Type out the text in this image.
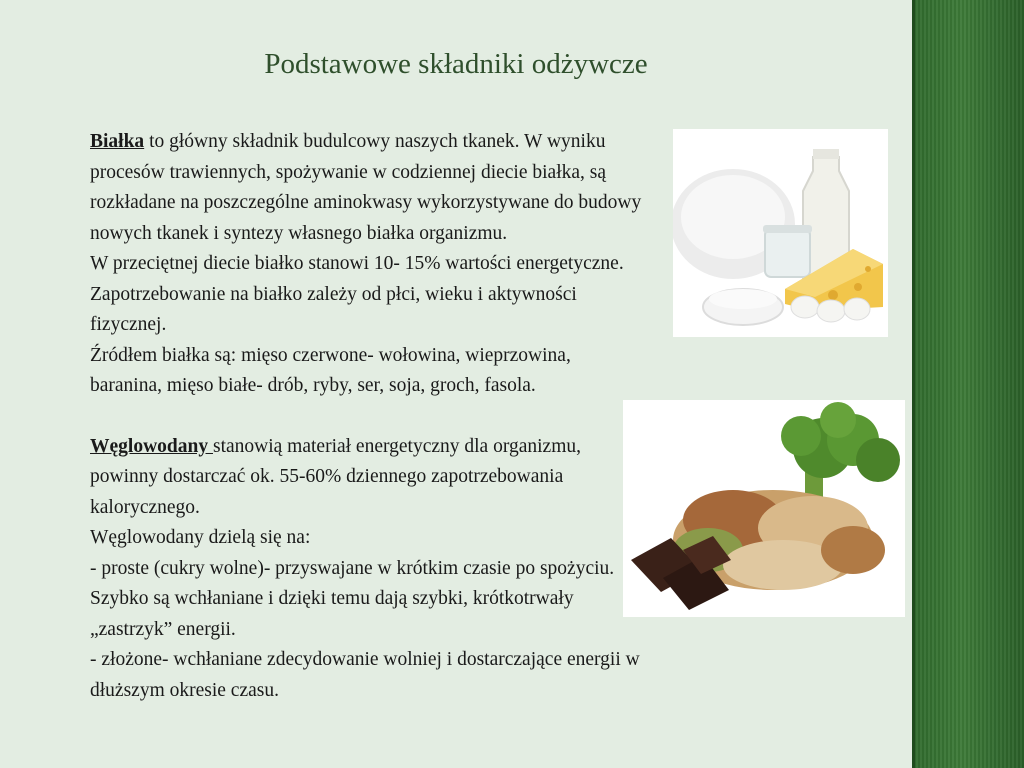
Podstawowe składniki odżywcze

Białka to główny składnik budulcowy naszych tkanek. W wyniku

procesów trawiennych, spożywanie w codziennej diecie białka, są

rozkładane na poszczególne aminokwasy wykorzystywane do budowy

nowych tkanek i syntezy własnego białka organizmu.

W przeciętnej diecie białko stanowi 10- 15% wartości energetyczne.

Zapotrzebowanie na białko zależy od płci, wieku i aktywności

fizycznej.

Źródłem białka są: mięso czerwone- wołowina, wieprzowina,

baranina, mięso białe- drób, ryby, ser, soja, groch, fasola.

Węglowodany stanowią materiał energetyczny dla organizmu,

powinny dostarczać ok. 55-60% dziennego zapotrzebowania

kalorycznego.

Węglowodany dzielą się na:

- proste (cukry wolne)- przyswajane w krótkim czasie po spożyciu.

Szybko są wchłaniane i dzięki temu dają szybki, krótkotrwały

„zastrzyk” energii.

- złożone- wchłaniane zdecydowanie wolniej i dostarczające energii w

dłuższym okresie czasu.
